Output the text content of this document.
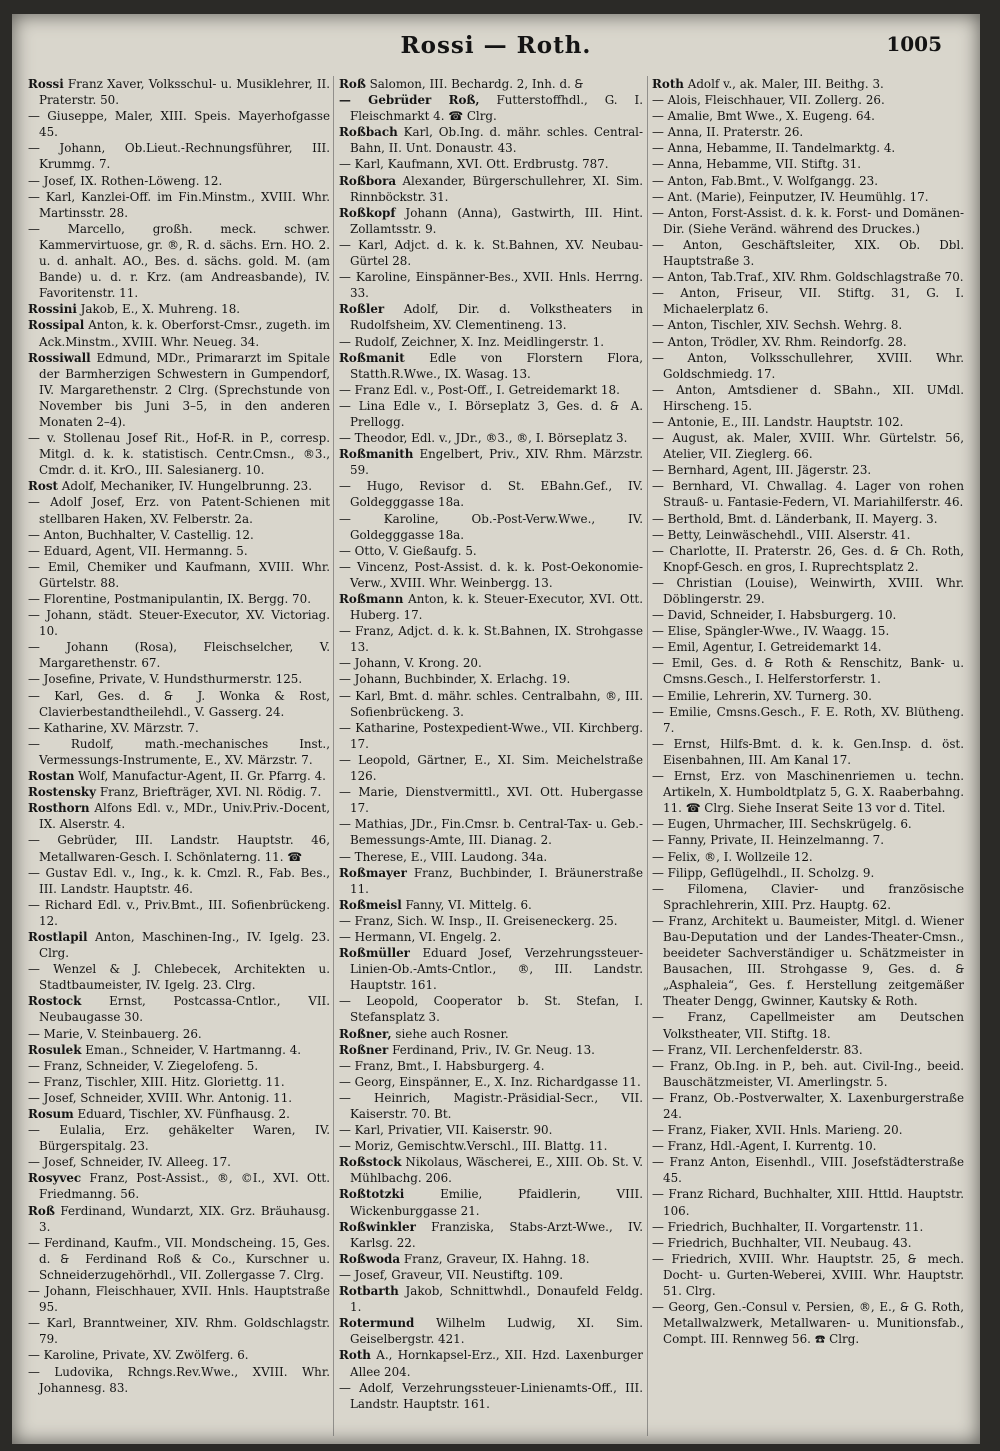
Rossi — Roth.	1005

Rossi Franz Xaver, Volksschul- u. Musiklehrer, II. Praterstr. 50.

— Giuseppe, Maler, XIII. Speis. Mayerhofgasse 45.

— Johann, Ob.Lieut.-Rechnungsführer, III. Krummg. 7.

— Josef, IX. Rothen-Löweng. 12.

— Karl, Kanzlei-Off. im Fin.Minstm., XVIII. Whr. Martinsstr. 28.

— Marcello, großh. meck. schwer. Kammervirtuose, gr. ®, R. d. sächs. Ern. HO. 2. u. d. anhalt. AO., Bes. d. sächs. gold. M. (am Bande) u. d. r. Krz. (am Andreasbande), IV. Favoritenstr. 11.

Rossini Jakob, E., X. Muhreng. 18.

Rossipal Anton, k. k. Oberforst-Cmsr., zugeth. im Ack.Minstm., XVIII. Whr. Neueg. 34.

Rossiwall Edmund, MDr., Primararzt im Spitale der Barmherzigen Schwestern in Gumpendorf, IV. Margarethenstr. 2 Clrg. (Sprechstunde von November bis Juni 3–5, in den anderen Monaten 2–4).

— v. Stollenau Josef Rit., Hof-R. in P., corresp. Mitgl. d. k. k. statistisch. Centr.Cmsn., ®3., Cmdr. d. it. KrO., III. Salesianerg. 10.

Rost Adolf, Mechaniker, IV. Hungelbrunng. 23.

— Adolf Josef, Erz. von Patent-Schienen mit stellbaren Haken, XV. Felberstr. 2a.

— Anton, Buchhalter, V. Castellig. 12.

— Eduard, Agent, VII. Hermanng. 5.

— Emil, Chemiker und Kaufmann, XVIII. Whr. Gürtelstr. 88.

— Florentine, Postmanipulantin, IX. Bergg. 70.

— Johann, städt. Steuer-Executor, XV. Victoriag. 10.

— Johann (Rosa), Fleischselcher, V. Margarethenstr. 67.

— Josefine, Private, V. Hundsthurmerstr. 125.

— Karl, Ges. d. 🙲 J. Wonka & Rost, Clavierbestandtheilehdl., V. Gasserg. 24.

— Katharine, XV. Märzstr. 7.

— Rudolf, math.-mechanisches Inst., Vermessungs-Instrumente, E., XV. Märzstr. 7.

Rostan Wolf, Manufactur-Agent, II. Gr. Pfarrg. 4.

Rostensky Franz, Briefträger, XVI. Nl. Rödig. 7.

Rosthorn Alfons Edl. v., MDr., Univ.Priv.-Docent, IX. Alserstr. 4.

— Gebrüder, III. Landstr. Hauptstr. 46, Metallwaren-Gesch. I. Schönlaterng. 11. ☎

— Gustav Edl. v., Ing., k. k. Cmzl. R., Fab. Bes., III. Landstr. Hauptstr. 46.

— Richard Edl. v., Priv.Bmt., III. Sofienbrückeng. 12.

Rostlapil Anton, Maschinen-Ing., IV. Igelg. 23. Clrg.

— Wenzel & J. Chlebecek, Architekten u. Stadtbaumeister, IV. Igelg. 23. Clrg.

Rostock Ernst, Postcassa-Cntlor., VII. Neubaugasse 30.

— Marie, V. Steinbauerg. 26.

Rosulek Eman., Schneider, V. Hartmanng. 4.

— Franz, Schneider, V. Ziegelofeng. 5.

— Franz, Tischler, XIII. Hitz. Gloriettg. 11.

— Josef, Schneider, XVIII. Whr. Antonig. 11.

Rosum Eduard, Tischler, XV. Fünfhausg. 2.

— Eulalia, Erz. gehäkelter Waren, IV. Bürgerspitalg. 23.

— Josef, Schneider, IV. Alleeg. 17.

Rosyvec Franz, Post-Assist., ®, ©I., XVI. Ott. Friedmanng. 56.

Roß Ferdinand, Wundarzt, XIX. Grz. Bräuhausg. 3.

— Ferdinand, Kaufm., VII. Mondscheing. 15, Ges. d. 🙲 Ferdinand Roß & Co., Kurschner u. Schneiderzugehörhdl., VII. Zollergasse 7. Clrg.

— Johann, Fleischhauer, XVII. Hnls. Hauptstraße 95.

— Karl, Branntweiner, XIV. Rhm. Goldschlagstr. 79.

— Karoline, Private, XV. Zwölferg. 6.

— Ludovika, Rchngs.Rev.Wwe., XVIII. Whr. Johannesg. 83.

Roß Salomon, III. Bechardg. 2, Inh. d. 🙲

— Gebrüder Roß, Futterstoffhdl., G. I. Fleischmarkt 4. ☎ Clrg.

Roßbach Karl, Ob.Ing. d. mähr. schles. Central-Bahn, II. Unt. Donaustr. 43.

— Karl, Kaufmann, XVI. Ott. Erdbrustg. 787.

Roßbora Alexander, Bürgerschullehrer, XI. Sim. Rinnböckstr. 31.

Roßkopf Johann (Anna), Gastwirth, III. Hint. Zollamtsstr. 9.

— Karl, Adjct. d. k. k. St.Bahnen, XV. Neubau-Gürtel 28.

— Karoline, Einspänner-Bes., XVII. Hnls. Herrng. 33.

Roßler Adolf, Dir. d. Volkstheaters in Rudolfsheim, XV. Clementineng. 13.

— Rudolf, Zeichner, X. Inz. Meidlingerstr. 1.

Roßmanit Edle von Florstern Flora, Statth.R.Wwe., IX. Wasag. 13.

— Franz Edl. v., Post-Off., I. Getreidemarkt 18.

— Lina Edle v., I. Börseplatz 3, Ges. d. 🙲 A. Prellogg.

— Theodor, Edl. v., JDr., ®3., ®, I. Börseplatz 3.

Roßmanith Engelbert, Priv., XIV. Rhm. Märzstr. 59.

— Hugo, Revisor d. St. EBahn.Gef., IV. Goldegggasse 18a.

— Karoline, Ob.-Post-Verw.Wwe., IV. Goldegggasse 18a.

— Otto, V. Gießaufg. 5.

— Vincenz, Post-Assist. d. k. k. Post-Oekonomie-Verw., XVIII. Whr. Weinbergg. 13.

Roßmann Anton, k. k. Steuer-Executor, XVI. Ott. Huberg. 17.

— Franz, Adjct. d. k. k. St.Bahnen, IX. Strohgasse 13.

— Johann, V. Krong. 20.

— Johann, Buchbinder, X. Erlachg. 19.

— Karl, Bmt. d. mähr. schles. Centralbahn, ®, III. Sofienbrückeng. 3.

— Katharine, Postexpedient-Wwe., VII. Kirchberg. 17.

— Leopold, Gärtner, E., XI. Sim. Meichelstraße 126.

— Marie, Dienstvermittl., XVI. Ott. Hubergasse 17.

— Mathias, JDr., Fin.Cmsr. b. Central-Tax- u. Geb.-Bemessungs-Amte, III. Dianag. 2.

— Therese, E., VIII. Laudong. 34a.

Roßmayer Franz, Buchbinder, I. Bräunerstraße 11.

Roßmeisl Fanny, VI. Mittelg. 6.

— Franz, Sich. W. Insp., II. Greiseneckerg. 25.

— Hermann, VI. Engelg. 2.

Roßmüller Eduard Josef, Verzehrungssteuer-Linien-Ob.-Amts-Cntlor., ®, III. Landstr. Hauptstr. 161.

— Leopold, Cooperator b. St. Stefan, I. Stefansplatz 3.

Roßner, siehe auch Rosner.

Roßner Ferdinand, Priv., IV. Gr. Neug. 13.

— Franz, Bmt., I. Habsburgerg. 4.

— Georg, Einspänner, E., X. Inz. Richardgasse 11.

— Heinrich, Magistr.-Präsidial-Secr., VII. Kaiserstr. 70. Bt.

— Karl, Privatier, VII. Kaiserstr. 90.

— Moriz, Gemischtw.Verschl., III. Blattg. 11.

Roßstock Nikolaus, Wäscherei, E., XIII. Ob. St. V. Mühlbachg. 206.

Roßtotzki Emilie, Pfaidlerin, VIII. Wickenburggasse 21.

Roßwinkler Franziska, Stabs-Arzt-Wwe., IV. Karlsg. 22.

Roßwoda Franz, Graveur, IX. Hahng. 18.

— Josef, Graveur, VII. Neustiftg. 109.

Rotbarth Jakob, Schnittwhdl., Donaufeld Feldg. 1.

Rotermund Wilhelm Ludwig, XI. Sim. Geiselbergstr. 421.

Roth A., Hornkapsel-Erz., XII. Hzd. Laxenburger Allee 204.

— Adolf, Verzehrungssteuer-Linienamts-Off., III. Landstr. Hauptstr. 161.

Roth Adolf v., ak. Maler, III. Beithg. 3.

— Alois, Fleischhauer, VII. Zollerg. 26.

— Amalie, Bmt Wwe., X. Eugeng. 64.

— Anna, II. Praterstr. 26.

— Anna, Hebamme, II. Tandelmarktg. 4.

— Anna, Hebamme, VII. Stiftg. 31.

— Anton, Fab.Bmt., V. Wolfgangg. 23.

— Ant. (Marie), Feinputzer, IV. Heumühlg. 17.

— Anton, Forst-Assist. d. k. k. Forst- und Domänen-Dir. (Siehe Veränd. während des Druckes.)

— Anton, Geschäftsleiter, XIX. Ob. Dbl. Hauptstraße 3.

— Anton, Tab.Traf., XIV. Rhm. Goldschlagstraße 70.

— Anton, Friseur, VII. Stiftg. 31, G. I. Michaelerplatz 6.

— Anton, Tischler, XIV. Sechsh. Wehrg. 8.

— Anton, Trödler, XV. Rhm. Reindorfg. 28.

— Anton, Volksschullehrer, XVIII. Whr. Goldschmiedg. 17.

— Anton, Amtsdiener d. SBahn., XII. UMdl. Hirscheng. 15.

— Antonie, E., III. Landstr. Hauptstr. 102.

— August, ak. Maler, XVIII. Whr. Gürtelstr. 56, Atelier, VII. Zieglerg. 66.

— Bernhard, Agent, III. Jägerstr. 23.

— Bernhard, VI. Chwallag. 4. Lager von rohen Strauß- u. Fantasie-Federn, VI. Mariahilferstr. 46.

— Berthold, Bmt. d. Länderbank, II. Mayerg. 3.

— Betty, Leinwäschehdl., VIII. Alserstr. 41.

— Charlotte, II. Praterstr. 26, Ges. d. 🙲 Ch. Roth, Knopf-Gesch. en gros, I. Ruprechtsplatz 2.

— Christian (Louise), Weinwirth, XVIII. Whr. Döblingerstr. 29.

— David, Schneider, I. Habsburgerg. 10.

— Elise, Spängler-Wwe., IV. Waagg. 15.

— Emil, Agentur, I. Getreidemarkt 14.

— Emil, Ges. d. 🙲 Roth & Renschitz, Bank- u. Cmsns.Gesch., I. Helferstorferstr. 1.

— Emilie, Lehrerin, XV. Turnerg. 30.

— Emilie, Cmsns.Gesch., F. E. Roth, XV. Blütheng. 7.

— Ernst, Hilfs-Bmt. d. k. k. Gen.Insp. d. öst. Eisenbahnen, III. Am Kanal 17.

— Ernst, Erz. von Maschinenriemen u. techn. Artikeln, X. Humboldtplatz 5, G. X. Raaberbahng. 11. ☎ Clrg. Siehe Inserat Seite 13 vor d. Titel.

— Eugen, Uhrmacher, III. Sechskrügelg. 6.

— Fanny, Private, II. Heinzelmanng. 7.

— Felix, ®, I. Wollzeile 12.

— Filipp, Geflügelhdl., II. Scholzg. 9.

— Filomena, Clavier- und französische Sprachlehrerin, XIII. Prz. Hauptg. 62.

— Franz, Architekt u. Baumeister, Mitgl. d. Wiener Bau-Deputation und der Landes-Theater-Cmsn., beeideter Sachverständiger u. Schätzmeister in Bausachen, III. Strohgasse 9, Ges. d. 🙲 „Asphaleia“, Ges. f. Herstellung zeitgemäßer Theater Dengg, Gwinner, Kautsky & Roth.

— Franz, Capellmeister am Deutschen Volkstheater, VII. Stiftg. 18.

— Franz, VII. Lerchenfelderstr. 83.

— Franz, Ob.Ing. in P., beh. aut. Civil-Ing., beeid. Bauschätzmeister, VI. Amerlingstr. 5.

— Franz, Ob.-Postverwalter, X. Laxenburgerstraße 24.

— Franz, Fiaker, XVII. Hnls. Marieng. 20.

— Franz, Hdl.-Agent, I. Kurrentg. 10.

— Franz Anton, Eisenhdl., VIII. Josefstädterstraße 45.

— Franz Richard, Buchhalter, XIII. Httld. Hauptstr. 106.

— Friedrich, Buchhalter, II. Vorgartenstr. 11.

— Friedrich, Buchhalter, VII. Neubaug. 43.

— Friedrich, XVIII. Whr. Hauptstr. 25, 🙲 mech. Docht- u. Gurten-Weberei, XVIII. Whr. Hauptstr. 51. Clrg.

— Georg, Gen.-Consul v. Persien, ®, E., 🙲 G. Roth, Metallwalzwerk, Metallwaren- u. Munitionsfab., Compt. III. Rennweg 56. ☎ Clrg.
